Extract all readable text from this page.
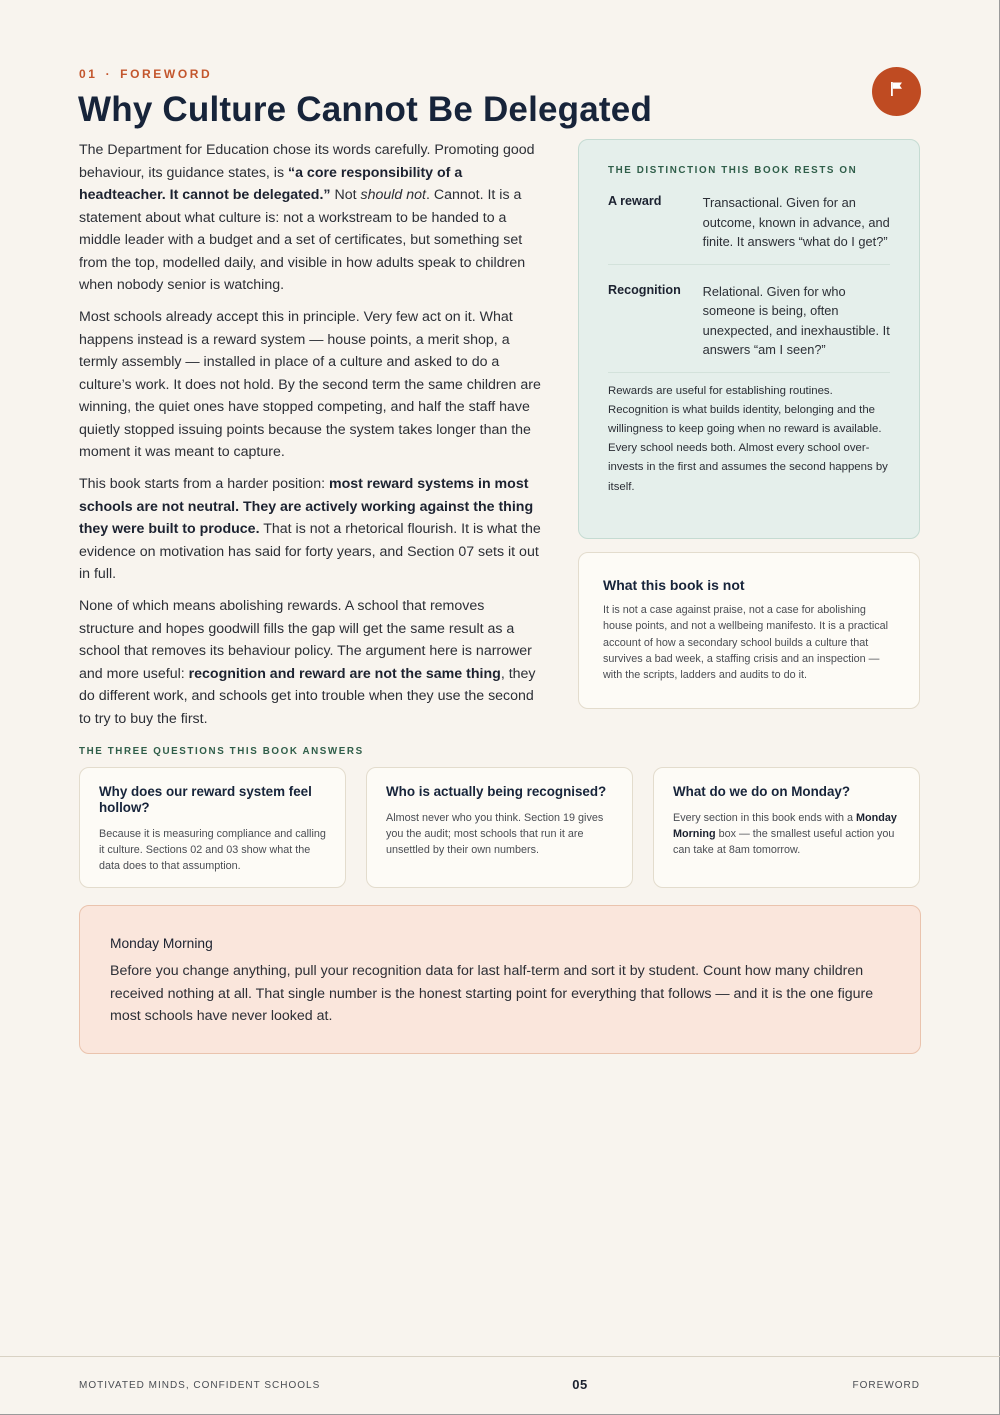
01 · FOREWORD
Why Culture Cannot Be Delegated

The Department for Education chose its words carefully. Promoting good behaviour, its guidance states, is “a core responsibility of a headteacher. It cannot be delegated.” Not should not. Cannot. It is a statement about what culture is: not a workstream to be handed to a middle leader with a budget and a set of certificates, but something set from the top, modelled daily, and visible in how adults speak to children when nobody senior is watching.

Most schools already accept this in principle. Very few act on it. What happens instead is a reward system — house points, a merit shop, a termly assembly — installed in place of a culture and asked to do a culture’s work. It does not hold. By the second term the same children are winning, the quiet ones have stopped competing, and half the staff have quietly stopped issuing points because the system takes longer than the moment it was meant to capture.

This book starts from a harder position: most reward systems in most schools are not neutral. They are actively working against the thing they were built to produce. That is not a rhetorical flourish. It is what the evidence on motivation has said for forty years, and Section 07 sets it out in full.

None of which means abolishing rewards. A school that removes structure and hopes goodwill fills the gap will get the same result as a school that removes its behaviour policy. The argument here is narrower and more useful: recognition and reward are not the same thing, they do different work, and schools get into trouble when they use the second to try to buy the first.

THE DISTINCTION THIS BOOK RESTS ON
A reward	Transactional. Given for an outcome, known in advance, and finite. It answers “what do I get?”
Recognition	Relational. Given for who someone is being, often unexpected, and inexhaustible. It answers “am I seen?”
Rewards are useful for establishing routines. Recognition is what builds identity, belonging and the willingness to keep going when no reward is available. Every school needs both. Almost every school over-invests in the first and assumes the second happens by itself.
What this book is not

It is not a case against praise, not a case for abolishing house points, and not a wellbeing manifesto. It is a practical account of how a secondary school builds a culture that survives a bad week, a staffing crisis and an inspection — with the scripts, ladders and audits to do it.

THE THREE QUESTIONS THIS BOOK ANSWERS
Why does our reward system feel hollow?

Because it is measuring compliance and calling it culture. Sections 02 and 03 show what the data does to that assumption.

Who is actually being recognised?

Almost never who you think. Section 19 gives you the audit; most schools that run it are unsettled by their own numbers.

What do we do on Monday?

Every section in this book ends with a Monday Morning box — the smallest useful action you can take at 8am tomorrow.

Monday Morning

Before you change anything, pull your recognition data for last half-term and sort it by student. Count how many children received nothing at all. That single number is the honest starting point for everything that follows — and it is the one figure most schools have never looked at.

MOTIVATED MINDS, CONFIDENT SCHOOLS	05	FOREWORD
